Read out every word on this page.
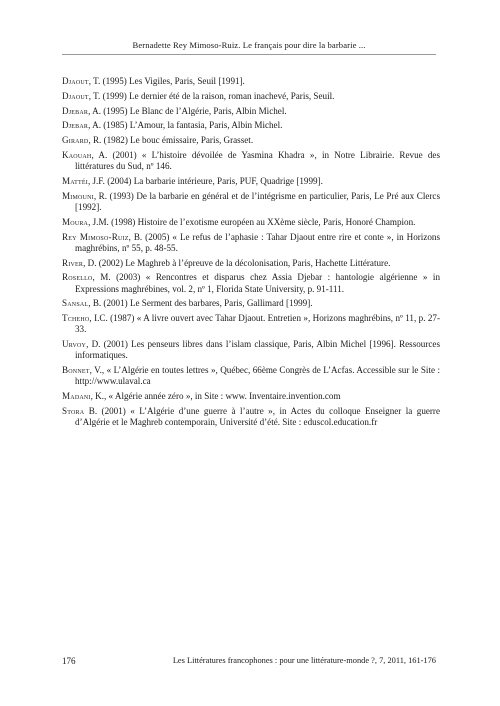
Bernadette Rey Mimoso-Ruiz. Le français pour dire la barbarie ...

Djaout, T. (1995) Les Vigiles, Paris, Seuil [1991].

Djaout, T. (1999) Le dernier été de la raison, roman inachevé, Paris, Seuil.

Djebar, A. (1995) Le Blanc de l’Algérie, Paris, Albin Michel.

Djebar, A. (1985) L’Amour, la fantasia, Paris, Albin Michel.

Girard, R. (1982) Le bouc émissaire, Paris, Grasset.

Kaouah, A. (2001) « L’histoire dévoilée de Yasmina Khadra », in Notre Librairie. Revue des littératures du Sud, nº 146.

Mattéi, J.F. (2004) La barbarie intérieure, Paris, PUF, Quadrige [1999].

Mimouni, R. (1993) De la barbarie en général et de l’intégrisme en particulier, Paris, Le Pré aux Clercs [1992].

Moura, J.M. (1998) Histoire de l’exotisme européen au XXème siècle, Paris, Honoré Champion.

Rey Mimoso-Ruiz, B. (2005) « Le refus de l’aphasie : Tahar Djaout entre rire et conte », in Horizons maghrébins, nº 55, p. 48-55.

River, D. (2002) Le Maghreb à l’épreuve de la décolonisation, Paris, Hachette Littérature.

Rosello, M. (2003) « Rencontres et disparus chez Assia Djebar : hantologie algérienne » in Expressions maghrébines, vol. 2, nº 1, Florida State University, p. 91-111.

Sansal, B. (2001) Le Serment des barbares, Paris, Gallimard [1999].

Tcheho, I.C. (1987) « A livre ouvert avec Tahar Djaout. Entretien », Horizons maghrébins, nº 11, p. 27-33.

Urvoy, D. (2001) Les penseurs libres dans l’islam classique, Paris, Albin Michel [1996]. Ressources informatiques.

Bonnet, V., « L’Algérie en toutes lettres », Québec, 66ème Congrès de L’Acfas. Accessible sur le Site : http://www.ulaval.ca

Madani, K., « Algérie année zéro », in Site : www. Inventaire.invention.com

Stora B. (2001) « L’Algérie d’une guerre à l’autre », in Actes du colloque Enseigner la guerre d’Algérie et le Maghreb contemporain, Université d’été. Site : eduscol.education.fr

176	Les Littératures francophones : pour une littérature-monde ?, 7, 2011, 161-176
